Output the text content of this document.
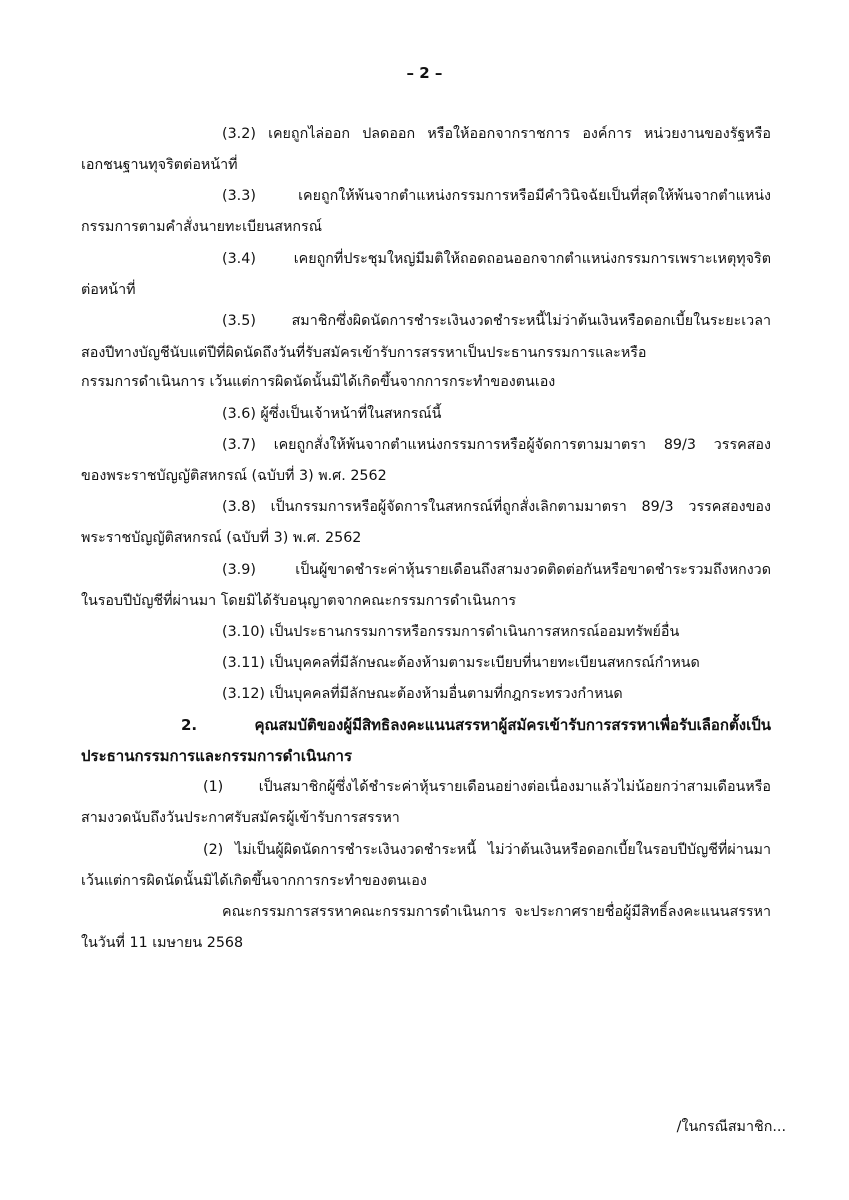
– 2 –
(3.2) เคยถูกไล่ออก ปลดออก หรือให้ออกจากราชการ องค์การ หน่วยงานของรัฐหรือ
เอกชนฐานทุจริตต่อหน้าที่
(3.3) เคยถูกให้พ้นจากตำแหน่งกรรมการหรือมีคำวินิจฉัยเป็นที่สุดให้พ้นจากตำแหน่ง
กรรมการตามคำสั่งนายทะเบียนสหกรณ์
(3.4) เคยถูกที่ประชุมใหญ่มีมติให้ถอดถอนออกจากตำแหน่งกรรมการเพราะเหตุทุจริต
ต่อหน้าที่
(3.5) สมาชิกซึ่งผิดนัดการชำระเงินงวดชำระหนี้ไม่ว่าต้นเงินหรือดอกเบี้ยในระยะเวลา
สองปีทางบัญชีนับแต่ปีที่ผิดนัดถึงวันที่รับสมัครเข้ารับการสรรหาเป็นประธานกรรมการและหรือ
กรรมการดำเนินการ เว้นแต่การผิดนัดนั้นมิได้เกิดขึ้นจากการกระทำของตนเอง
(3.6) ผู้ซึ่งเป็นเจ้าหน้าที่ในสหกรณ์นี้
(3.7) เคยถูกสั่งให้พ้นจากตำแหน่งกรรมการหรือผู้จัดการตามมาตรา 89/3 วรรคสอง
ของพระราชบัญญัติสหกรณ์ (ฉบับที่ 3) พ.ศ. 2562
(3.8) เป็นกรรมการหรือผู้จัดการในสหกรณ์ที่ถูกสั่งเลิกตามมาตรา 89/3 วรรคสองของ
พระราชบัญญัติสหกรณ์ (ฉบับที่ 3) พ.ศ. 2562
(3.9) เป็นผู้ขาดชำระค่าหุ้นรายเดือนถึงสามงวดติดต่อกันหรือขาดชำระรวมถึงหกงวด
ในรอบปีบัญชีที่ผ่านมา โดยมิได้รับอนุญาตจากคณะกรรมการดำเนินการ
(3.10) เป็นประธานกรรมการหรือกรรมการดำเนินการสหกรณ์ออมทรัพย์อื่น
(3.11) เป็นบุคคลที่มีลักษณะต้องห้ามตามระเบียบที่นายทะเบียนสหกรณ์กำหนด
(3.12) เป็นบุคคลที่มีลักษณะต้องห้ามอื่นตามที่กฎกระทรวงกำหนด
2. คุณสมบัติของผู้มีสิทธิลงคะแนนสรรหาผู้สมัครเข้ารับการสรรหาเพื่อรับเลือกตั้งเป็น
ประธานกรรมการและกรรมการดำเนินการ
(1) เป็นสมาชิกผู้ซึ่งได้ชำระค่าหุ้นรายเดือนอย่างต่อเนื่องมาแล้วไม่น้อยกว่าสามเดือนหรือ
สามงวดนับถึงวันประกาศรับสมัครผู้เข้ารับการสรรหา
(2) ไม่เป็นผู้ผิดนัดการชำระเงินงวดชำระหนี้ ไม่ว่าต้นเงินหรือดอกเบี้ยในรอบปีบัญชีที่ผ่านมา
เว้นแต่การผิดนัดนั้นมิได้เกิดขึ้นจากการกระทำของตนเอง
คณะกรรมการสรรหาคณะกรรมการดำเนินการ จะประกาศรายชื่อผู้มีสิทธิ์ลงคะแนนสรรหา
ในวันที่ 11 เมษายน 2568
/ในกรณีสมาชิก...
